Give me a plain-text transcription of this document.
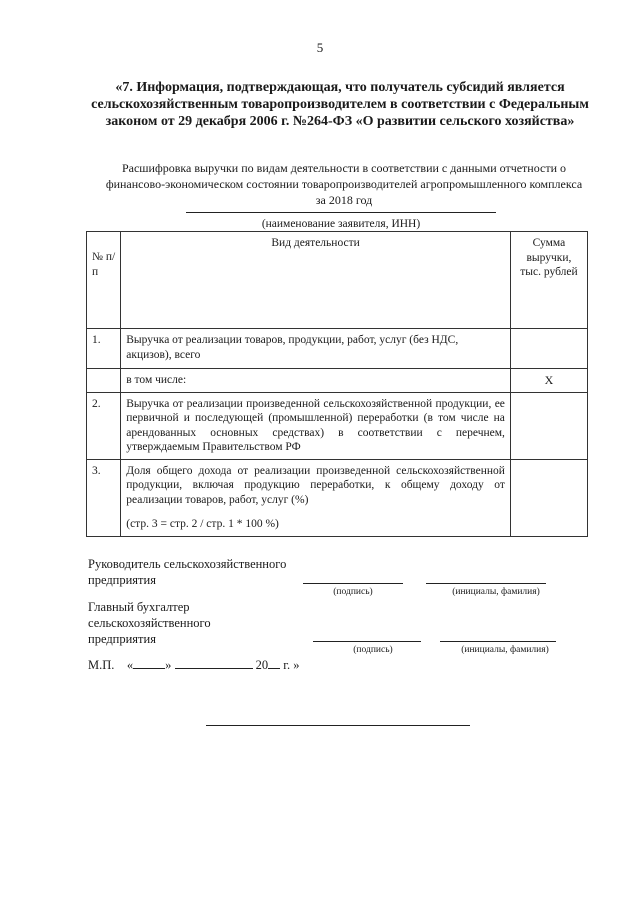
5
«7. Информация, подтверждающая, что получатель субсидий является сельскохозяйственным товаропроизводителем в соответствии с Федеральным законом от 29 декабря 2006 г. №264-ФЗ «О развитии сельского хозяйства»
Расшифровка выручки по видам деятельности в соответствии с данными отчетности о финансово-экономическом состоянии товаропроизводителей агропромышленного комплекса за 2018 год
(наименование заявителя, ИНН)
№ п/п	Вид деятельности	Сумма выручки, тыс. рублей
1.	Выручка от реализации товаров, продукции, работ, услуг (без НДС, акцизов), всего	
	в том числе:	X
2.	Выручка от реализации произведенной сельскохозяйственной продукции, ее первичной и последующей (промышленной) переработки (в том числе на арендованных основных средствах) в соответствии с перечнем, утверждаемым Правительством РФ	
3.	Доля общего дохода от реализации произведенной сельскохозяйственной продукции, включая продукцию переработки, к общему доходу от реализации товаров, работ, услуг (%)
(стр. 3 = стр. 2 / стр. 1 * 100 %)	

Руководитель сельскохозяйственного предприятия
(подпись)	(инициалы, фамилия)
Главный бухгалтер сельскохозяйственного предприятия
(подпись)	(инициалы, фамилия)
М.П. «	»	20 г. »
